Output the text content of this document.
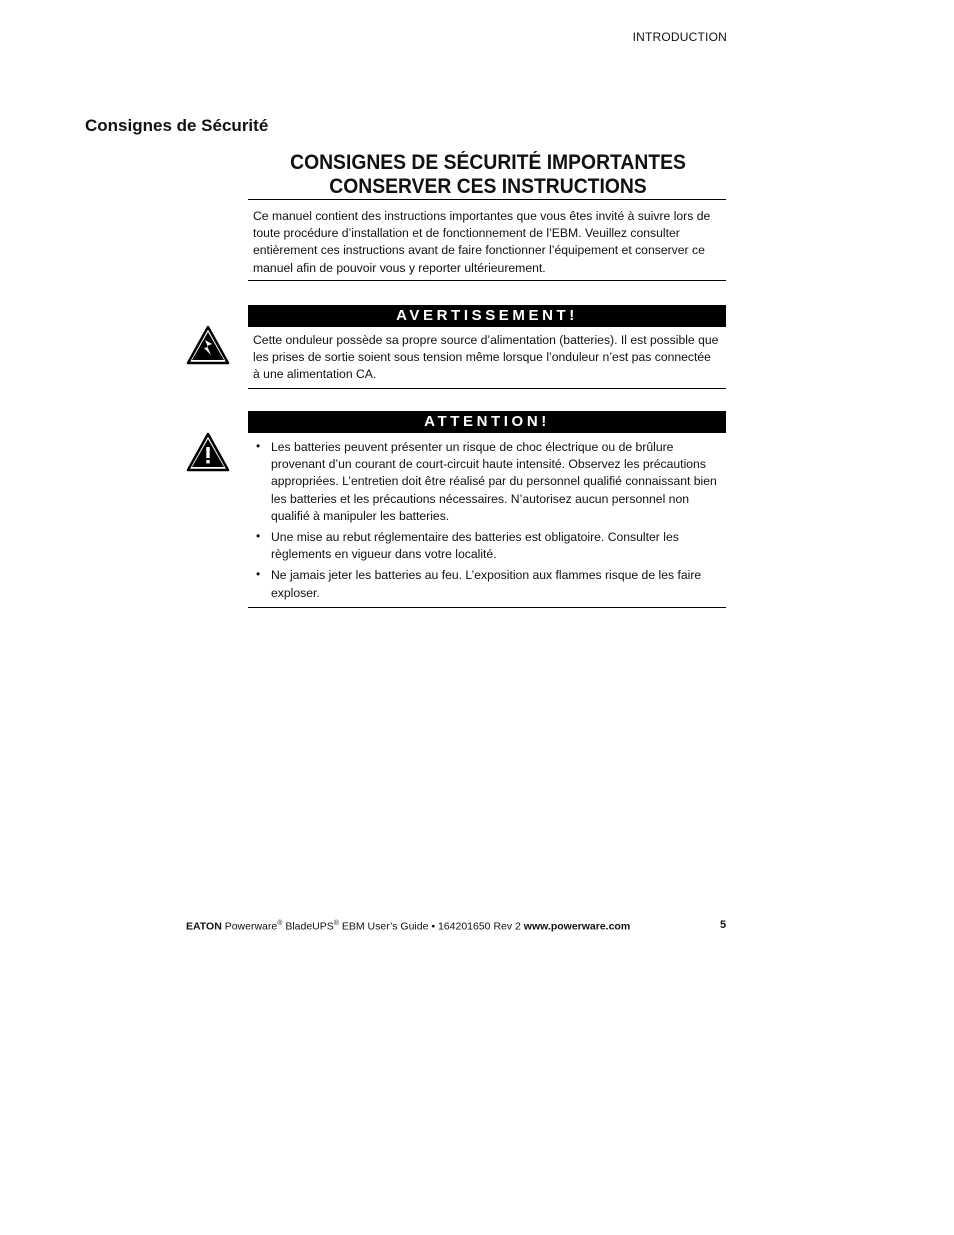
INTRODUCTION
Consignes de Sécurité
CONSIGNES DE SÉCURITÉ IMPORTANTES
CONSERVER CES INSTRUCTIONS

Ce manuel contient des instructions importantes que vous êtes invité à suivre lors de toute procédure d’installation et de fonctionnement de l’EBM. Veuillez consulter entièrement ces instructions avant de faire fonctionner l’équipement et conserver ce manuel afin de pouvoir vous y reporter ultérieurement.

AVERTISSEMENT!

Cette onduleur possède sa propre source d’alimentation (batteries). Il est possible que les prises de sortie soient sous tension même lorsque l’onduleur n’est pas connectée à une alimentation CA.

ATTENTION!
• Les batteries peuvent présenter un risque de choc électrique ou de brûlure provenant d’un courant de court-circuit haute intensité. Observez les précautions appropriées. L’entretien doit être réalisé par du personnel qualifié connaissant bien les batteries et les précautions nécessaires. N’autorisez aucun personnel non qualifié à manipuler les batteries.

• Une mise au rebut réglementaire des batteries est obligatoire. Consulter les règlements en vigueur dans votre localité.

• Ne jamais jeter les batteries au feu. L’exposition aux flammes risque de les faire exploser.

EATON Powerware® BladeUPS® EBM User’s Guide • 164201650 Rev 2 www.powerware.com	5
